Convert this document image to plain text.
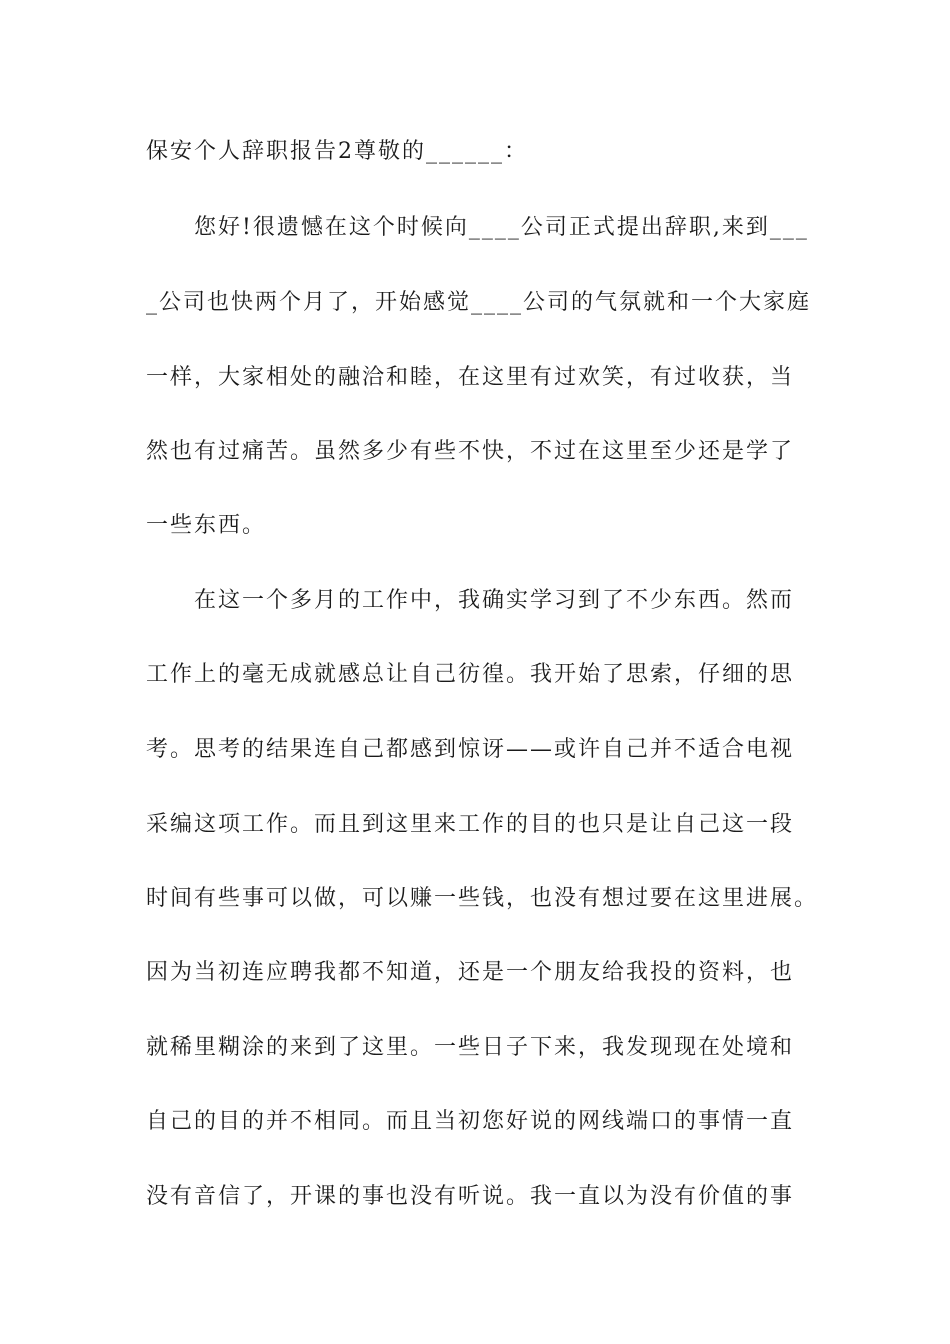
保安个人辞职报告2尊敬的______：
您好!很遗憾在这个时候向____公司正式提出辞职,来到___
_公司也快两个月了，开始感觉____公司的气氛就和一个大家庭
一样，大家相处的融洽和睦，在这里有过欢笑，有过收获，当
然也有过痛苦。虽然多少有些不快，不过在这里至少还是学了
一些东西。
在这一个多月的工作中，我确实学习到了不少东西。然而
工作上的毫无成就感总让自己彷徨。我开始了思索，仔细的思
考。思考的结果连自己都感到惊讶——或许自己并不适合电视
采编这项工作。而且到这里来工作的目的也只是让自己这一段
时间有些事可以做，可以赚一些钱，也没有想过要在这里进展。
因为当初连应聘我都不知道，还是一个朋友给我投的资料，也
就稀里糊涂的来到了这里。一些日子下来，我发现现在处境和
自己的目的并不相同。而且当初您好说的网线端口的事情一直
没有音信了，开课的事也没有听说。我一直以为没有价值的事
